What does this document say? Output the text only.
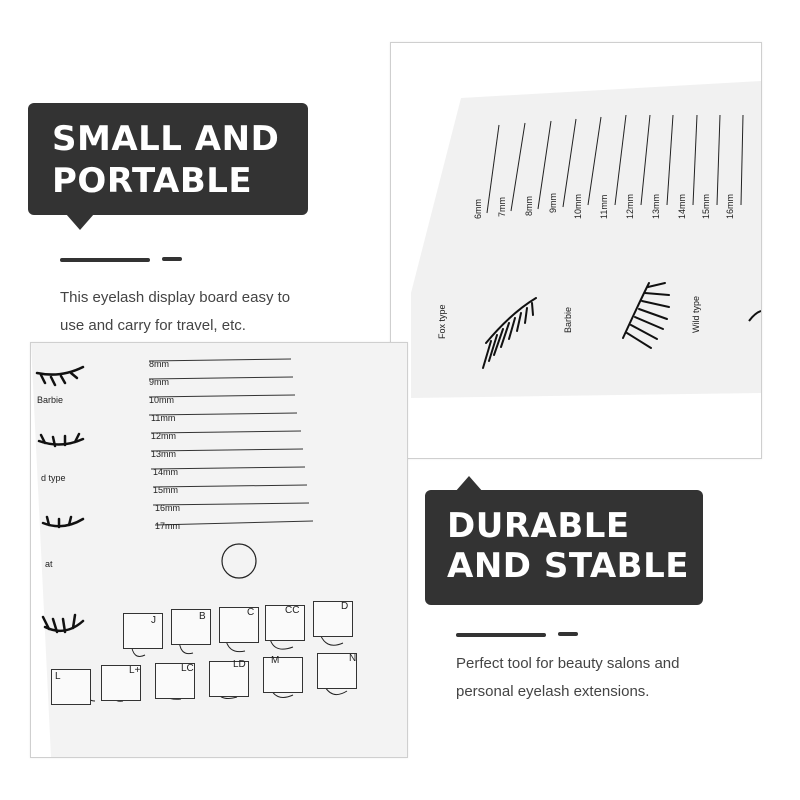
SMALL AND
PORTABLE
This eyelash display board easy to
use and carry for travel, etc.
6mm 7mm 8mm 9mm 10mm 11mm 12mm 13mm 14mm 15mm 16mm
Fox type	Barbie	Wild type
8mm
9mm
10mm
11mm
12mm
13mm
14mm
15mm
16mm
17mm
Barbie
d type
at
J	B	C	CC	D
L
L+	LC	LD	M	N
DURABLE
AND STABLE
Perfect tool for beauty salons and
personal eyelash extensions.
